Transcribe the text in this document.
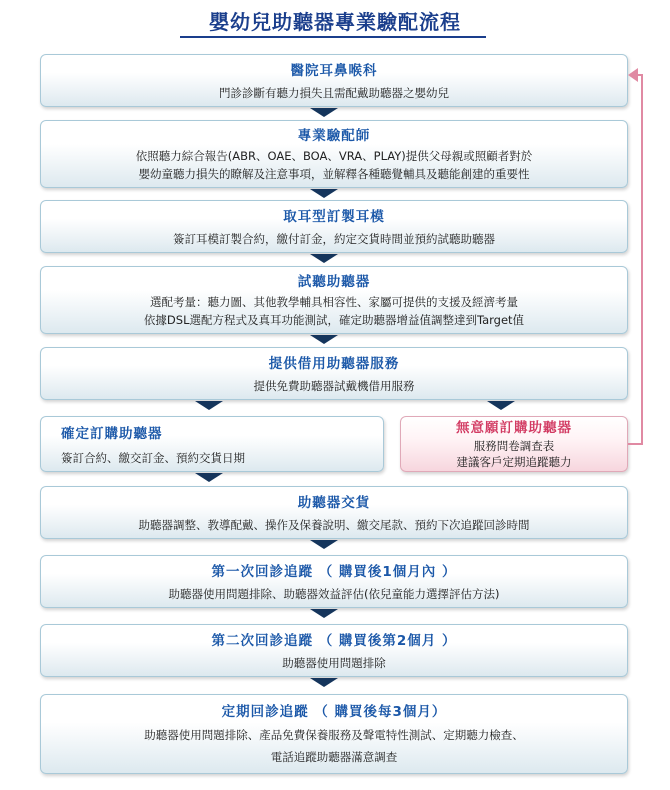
嬰幼兒助聽器專業驗配流程
醫院耳鼻喉科
門診診斷有聽力損失且需配戴助聽器之嬰幼兒
專業驗配師
依照聽力綜合報告(ABR、OAE、BOA、VRA、PLAY)提供父母親或照顧者對於
嬰幼童聽力損失的瞭解及注意事項，並解釋各種聽覺輔具及聽能創建的重要性
取耳型訂製耳模
簽訂耳模訂製合約，繳付訂金，約定交貨時間並預約試聽助聽器
試聽助聽器
選配考量：聽力圖、其他教學輔具相容性、家屬可提供的支援及經濟考量
依據DSL選配方程式及真耳功能測試，確定助聽器增益值調整達到Target值
提供借用助聽器服務
提供免費助聽器試戴機借用服務
確定訂購助聽器
簽訂合約、繳交訂金、預約交貨日期
無意願訂購助聽器
服務問卷調查表
建議客戶定期追蹤聽力
助聽器交貨
助聽器調整、教導配戴、操作及保養說明、繳交尾款、預約下次追蹤回診時間
第一次回診追蹤 （ 購買後1個月內 ）
助聽器使用問題排除、助聽器效益評估(依兒童能力選擇評估方法)
第二次回診追蹤 （ 購買後第2個月 ）
助聽器使用問題排除
定期回診追蹤 （ 購買後每3個月）
助聽器使用問題排除、產品免費保養服務及聲電特性測試、定期聽力檢查、
電話追蹤助聽器滿意調查
